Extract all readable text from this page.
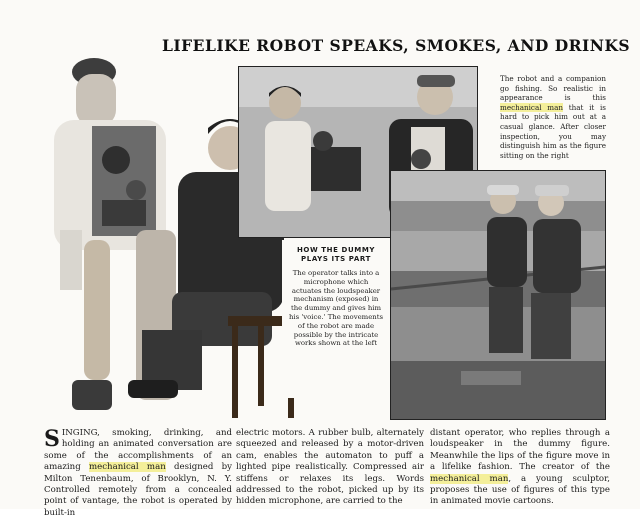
LIFELIKE ROBOT SPEAKS, SMOKES, AND DRINKS
The robot and a companion go fishing. So realistic in appearance is this mechanical man that it is hard to pick him out at a casual glance. After closer inspection, you may distinguish him as the figure sitting on the right
HOW THE DUMMY PLAYS ITS PART
The operator talks into a microphone which actuates the loudspeaker mechanism (exposed) in the dummy and gives him his 'voice.' The movements of the robot are made possible by the intricate works shown at the left
SINGING, smoking, drinking, and holding an animated conversation are some of the accomplishments of an amazing mechanical man designed by Milton Tenenbaum, of Brooklyn, N. Y. Controlled remotely from a concealed point of vantage, the robot is operated by built-in
electric motors. A rubber bulb, alternately squeezed and released by a motor-driven cam, enables the automaton to puff a lighted pipe realistically. Compressed air stiffens or relaxes its legs. Words addressed to the robot, picked up by its hidden microphone, are carried to the
distant operator, who replies through a loudspeaker in the dummy figure. Meanwhile the lips of the figure move in a lifelike fashion. The creator of the mechanical man, a young sculptor, proposes the use of figures of this type in animated movie cartoons.
